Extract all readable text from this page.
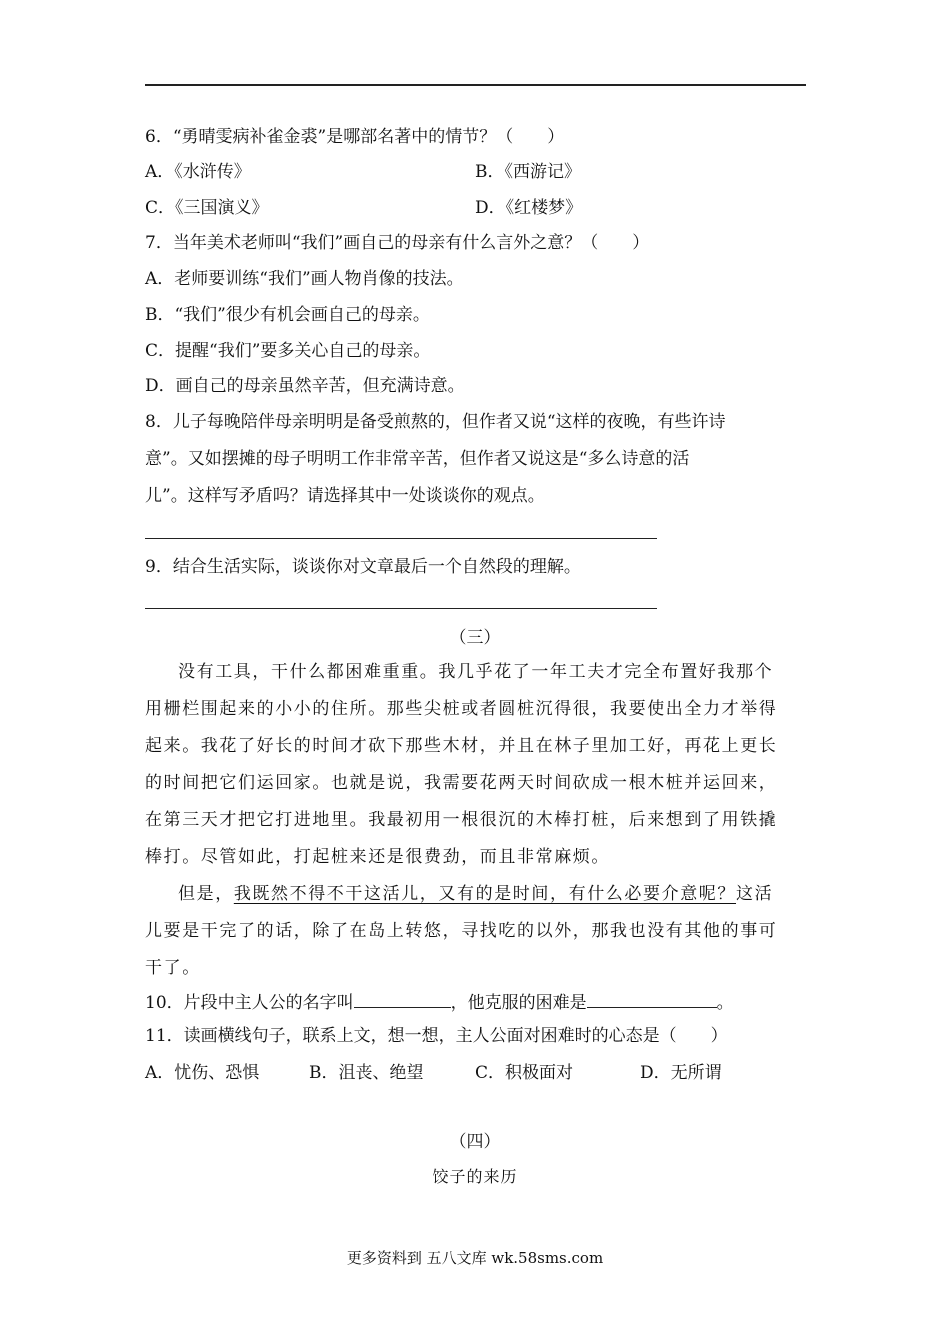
6．“勇晴雯病补雀金裘”是哪部名著中的情节？（　　）
A．《水浒传》	B．《西游记》
C．《三国演义》	D．《红楼梦》
7．当年美术老师叫“我们”画自己的母亲有什么言外之意？（　　）
A．老师要训练“我们”画人物肖像的技法。
B．“我们”很少有机会画自己的母亲。
C．提醒“我们”要多关心自己的母亲。
D．画自己的母亲虽然辛苦，但充满诗意。
8．儿子每晚陪伴母亲明明是备受煎熬的，但作者又说“这样的夜晚，有些许诗
意”。又如摆摊的母子明明工作非常辛苦，但作者又说这是“多么诗意的活
儿”。这样写矛盾吗？请选择其中一处谈谈你的观点。
9．结合生活实际，谈谈你对文章最后一个自然段的理解。
（三）
没有工具，干什么都困难重重。我几乎花了一年工夫才完全布置好我那个
用栅栏围起来的小小的住所。那些尖桩或者圆桩沉得很，我要使出全力才举得
起来。我花了好长的时间才砍下那些木材，并且在林子里加工好，再花上更长
的时间把它们运回家。也就是说，我需要花两天时间砍成一根木桩并运回来，
在第三天才把它打进地里。我最初用一根很沉的木棒打桩，后来想到了用铁撬
棒打。尽管如此，打起桩来还是很费劲，而且非常麻烦。
但是，我既然不得不干这活儿，又有的是时间，有什么必要介意呢？这活
儿要是干完了的话，除了在岛上转悠，寻找吃的以外，那我也没有其他的事可
干了。
10．片段中主人公的名字叫	，他克服的困难是	。
11．读画横线句子，联系上文，想一想，主人公面对困难时的心态是（　　）
A．忧伤、恐惧	B．沮丧、绝望	C．积极面对	D．无所谓
（四）
饺子的来历
更多资料到 五八文库 wk.58sms.com
